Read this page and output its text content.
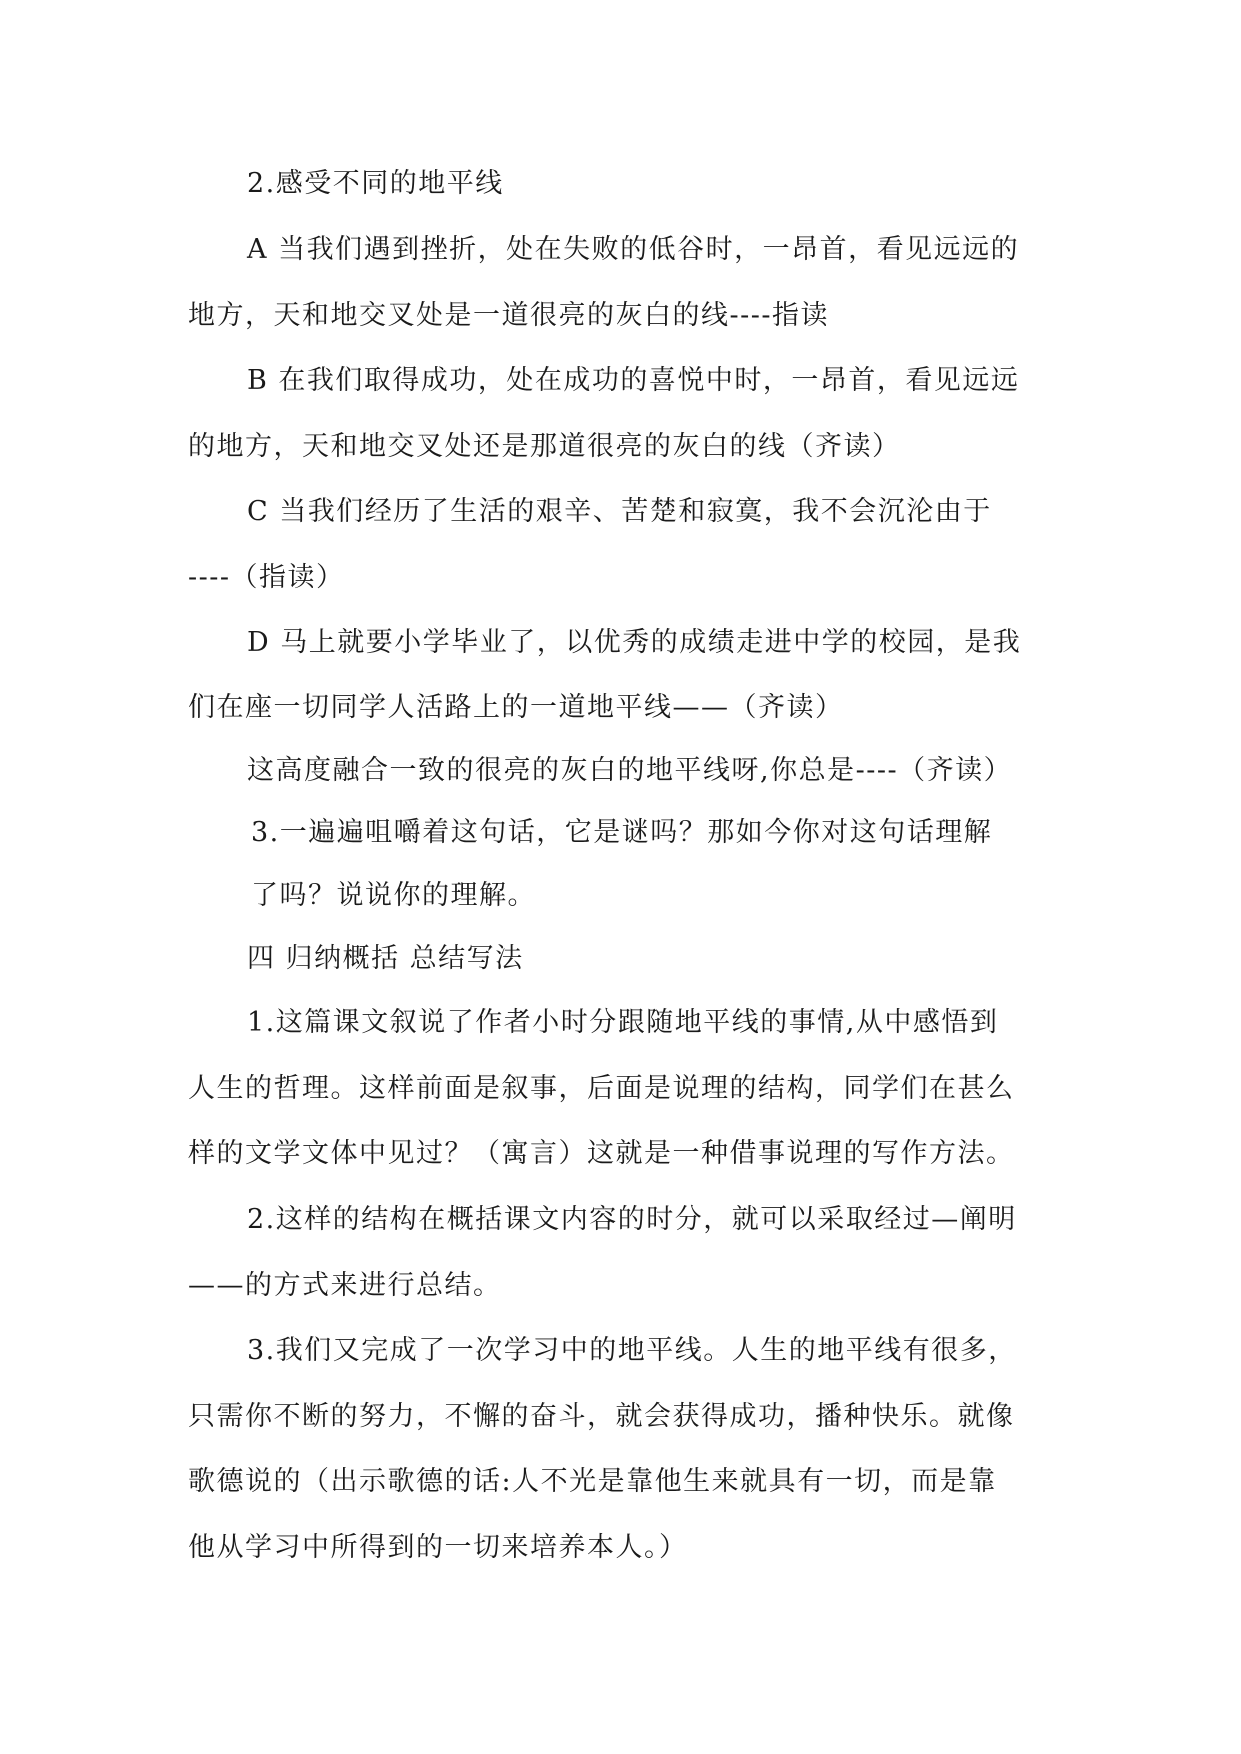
2.感受不同的地平线
A 当我们遇到挫折，处在失败的低谷时，一昂首，看见远远的
地方，天和地交叉处是一道很亮的灰白的线----指读
B 在我们取得成功，处在成功的喜悦中时，一昂首，看见远远
的地方，天和地交叉处还是那道很亮的灰白的线（齐读）
C 当我们经历了生活的艰辛、苦楚和寂寞，我不会沉沦由于
----（指读）
D 马上就要小学毕业了，以优秀的成绩走进中学的校园，是我
们在座一切同学人活路上的一道地平线——（齐读）
这高度融合一致的很亮的灰白的地平线呀,你总是----（齐读）
3.一遍遍咀嚼着这句话，它是谜吗？那如今你对这句话理解
了吗？说说你的理解。
四 归纳概括 总结写法
1.这篇课文叙说了作者小时分跟随地平线的事情,从中感悟到
人生的哲理。这样前面是叙事，后面是说理的结构，同学们在甚么
样的文学文体中见过？（寓言）这就是一种借事说理的写作方法。
2.这样的结构在概括课文内容的时分，就可以采取经过—阐明
——的方式来进行总结。
3.我们又完成了一次学习中的地平线。人生的地平线有很多，
只需你不断的努力，不懈的奋斗，就会获得成功，播种快乐。就像
歌德说的（出示歌德的话:人不光是靠他生来就具有一切，而是靠
他从学习中所得到的一切来培养本人。）
